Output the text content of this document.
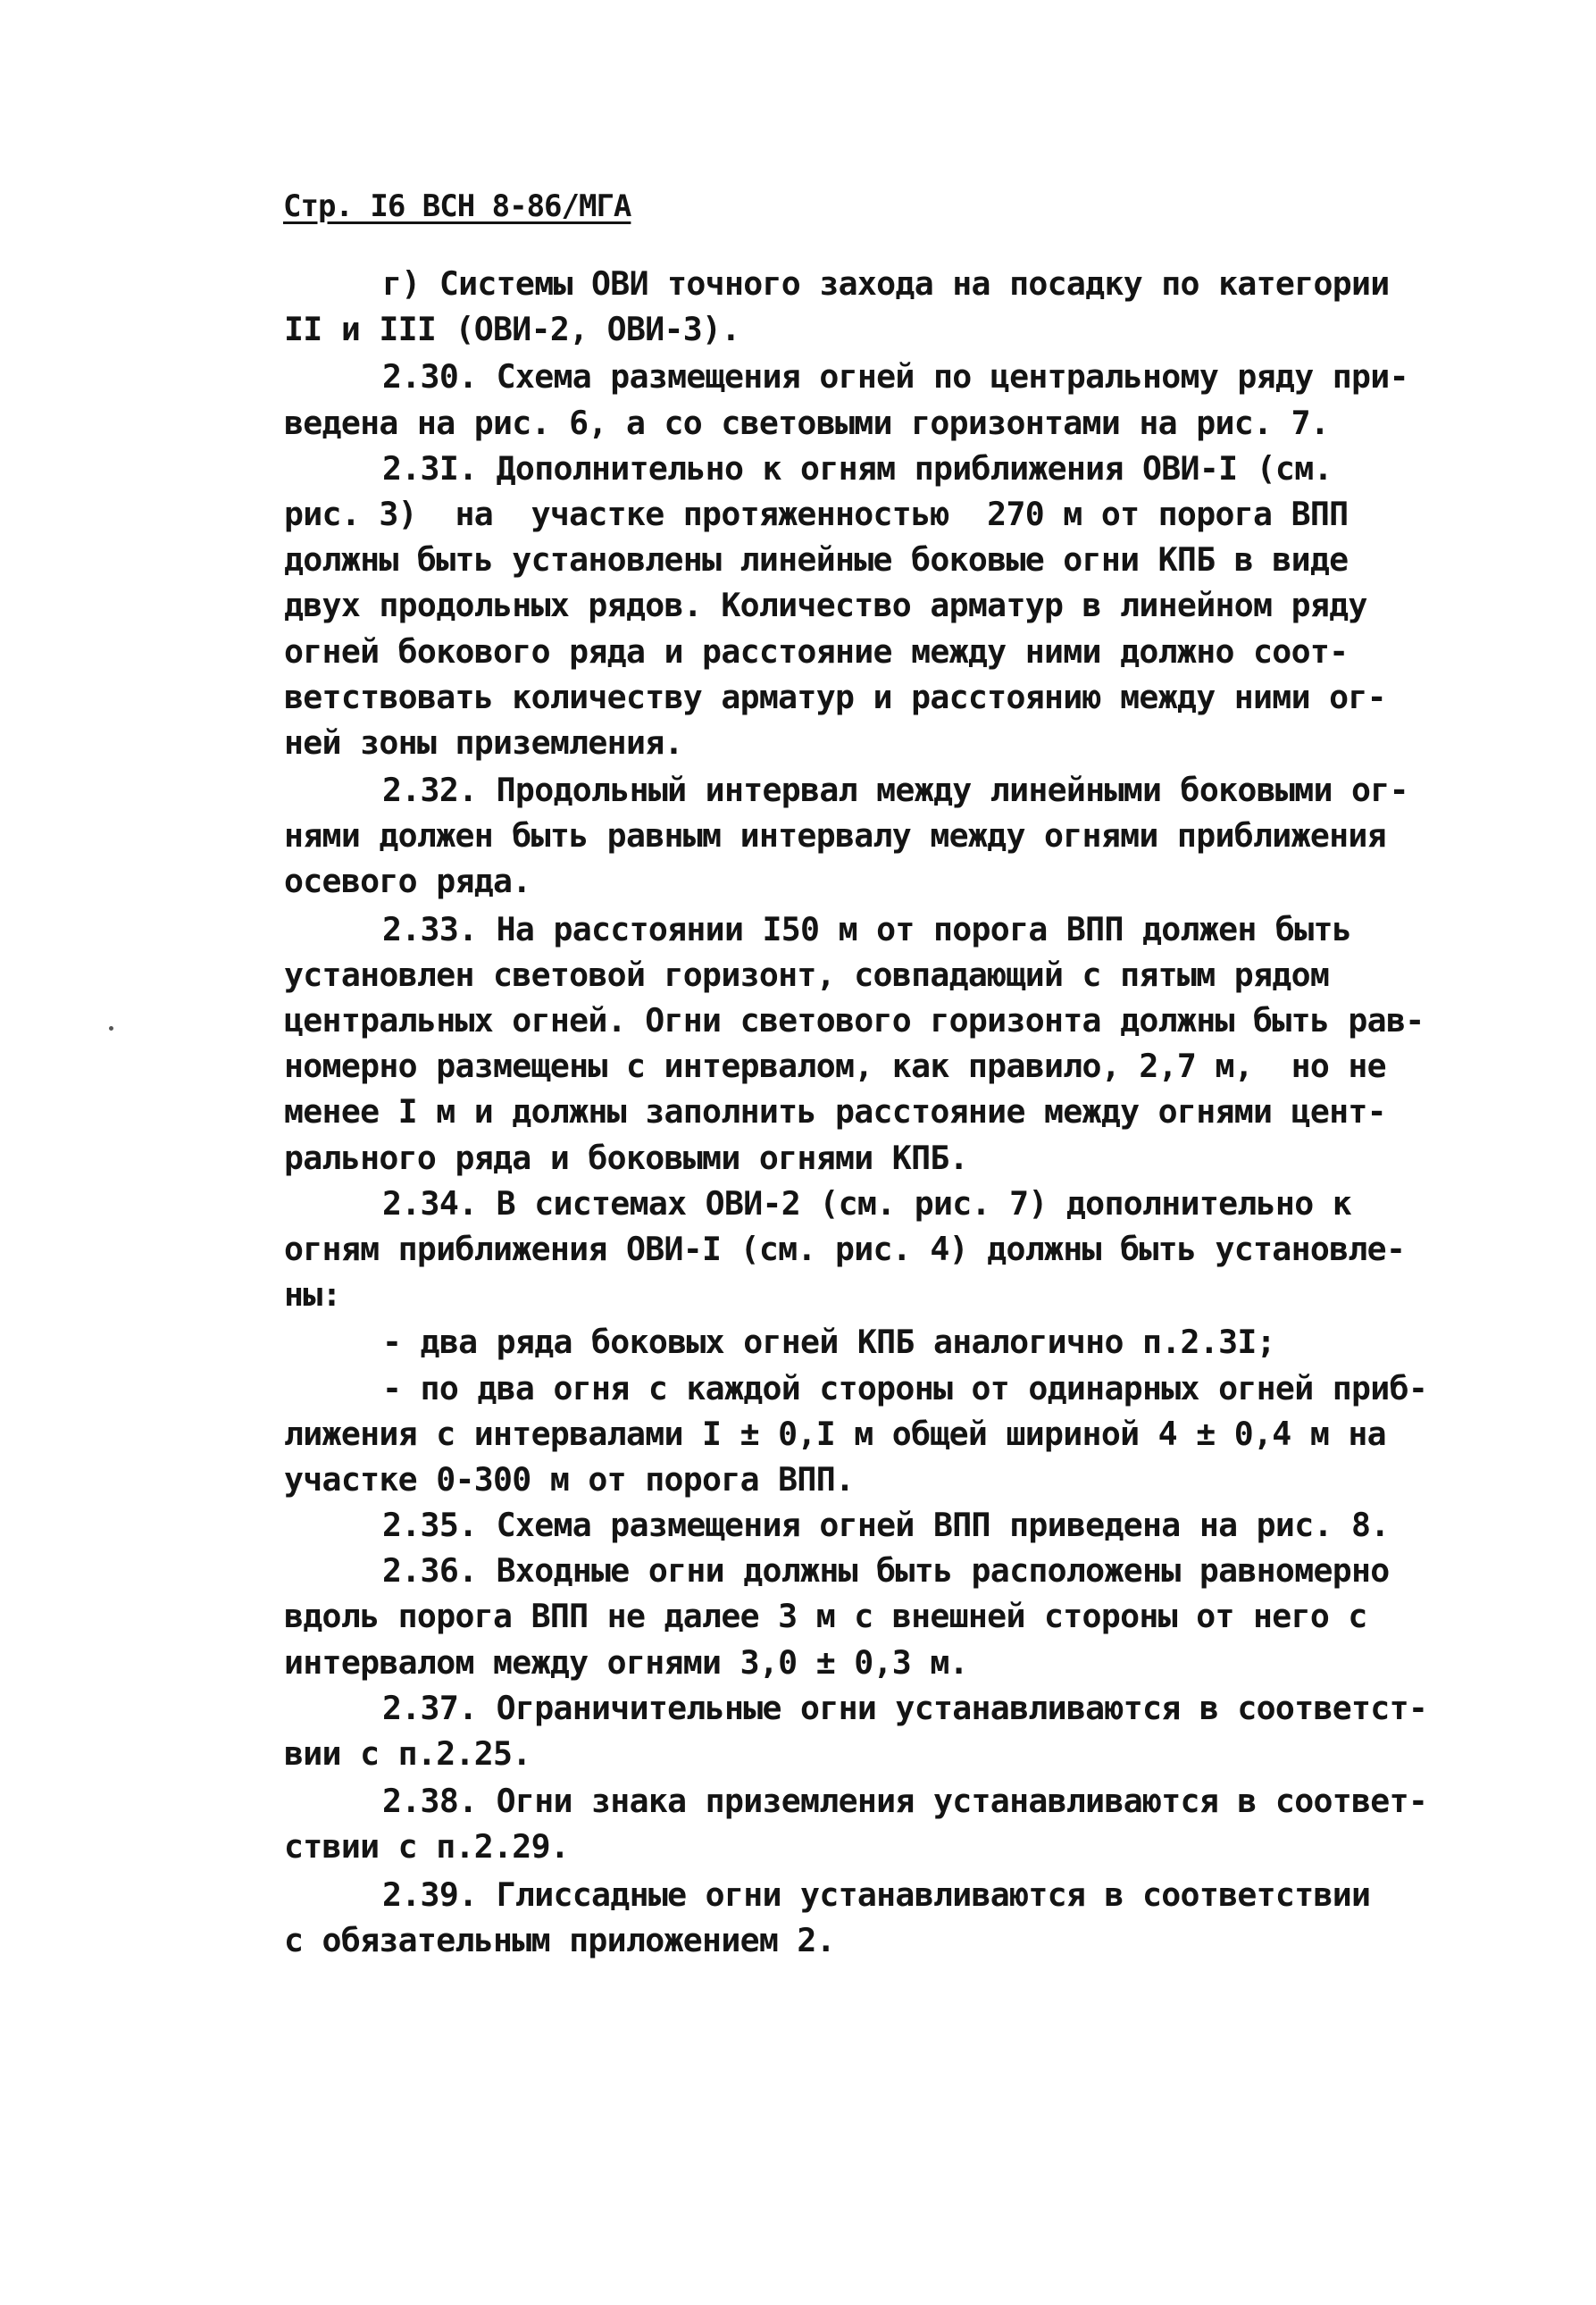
Стр. I6 ВСН 8-86/МГА
г) Системы ОВИ точного захода на посадку по категории
II и III (ОВИ-2, ОВИ-3).
2.30. Схема размещения огней по центральному ряду при-
ведена на рис. 6, а со световыми горизонтами на рис. 7.
2.3I. Дополнительно к огням приближения ОВИ-I (см.
рис. 3)  на  участке протяженностью  270 м от порога ВПП
должны быть установлены линейные боковые огни КПБ в виде
двух продольных рядов. Количество арматур в линейном ряду
огней бокового ряда и расстояние между ними должно соот-
ветствовать количеству арматур и расстоянию между ними ог-
ней зоны приземления.
2.32. Продольный интервал между линейными боковыми ог-
нями должен быть равным интервалу между огнями приближения
осевого ряда.
2.33. На расстоянии I50 м от порога ВПП должен быть
установлен световой горизонт, совпадающий с пятым рядом
центральных огней. Огни светового горизонта должны быть рав-
номерно размещены с интервалом, как правило, 2,7 м,  но не
менее I м и должны заполнить расстояние между огнями цент-
рального ряда и боковыми огнями КПБ.
2.34. В системах ОВИ-2 (см. рис. 7) дополнительно к
огням приближения ОВИ-I (см. рис. 4) должны быть установле-
ны:
- два ряда боковых огней КПБ аналогично п.2.3I;
- по два огня с каждой стороны от одинарных огней приб-
лижения с интервалами I ± 0,I м общей шириной 4 ± 0,4 м на
участке 0-300 м от порога ВПП.
2.35. Схема размещения огней ВПП приведена на рис. 8.
2.36. Входные огни должны быть расположены равномерно
вдоль порога ВПП не далее 3 м с внешней стороны от него с
интервалом между огнями 3,0 ± 0,3 м.
2.37. Ограничительные огни устанавливаются в соответст-
вии с п.2.25.
2.38. Огни знака приземления устанавливаются в соответ-
ствии с п.2.29.
2.39. Глиссадные огни устанавливаются в соответствии
с обязательным приложением 2.
